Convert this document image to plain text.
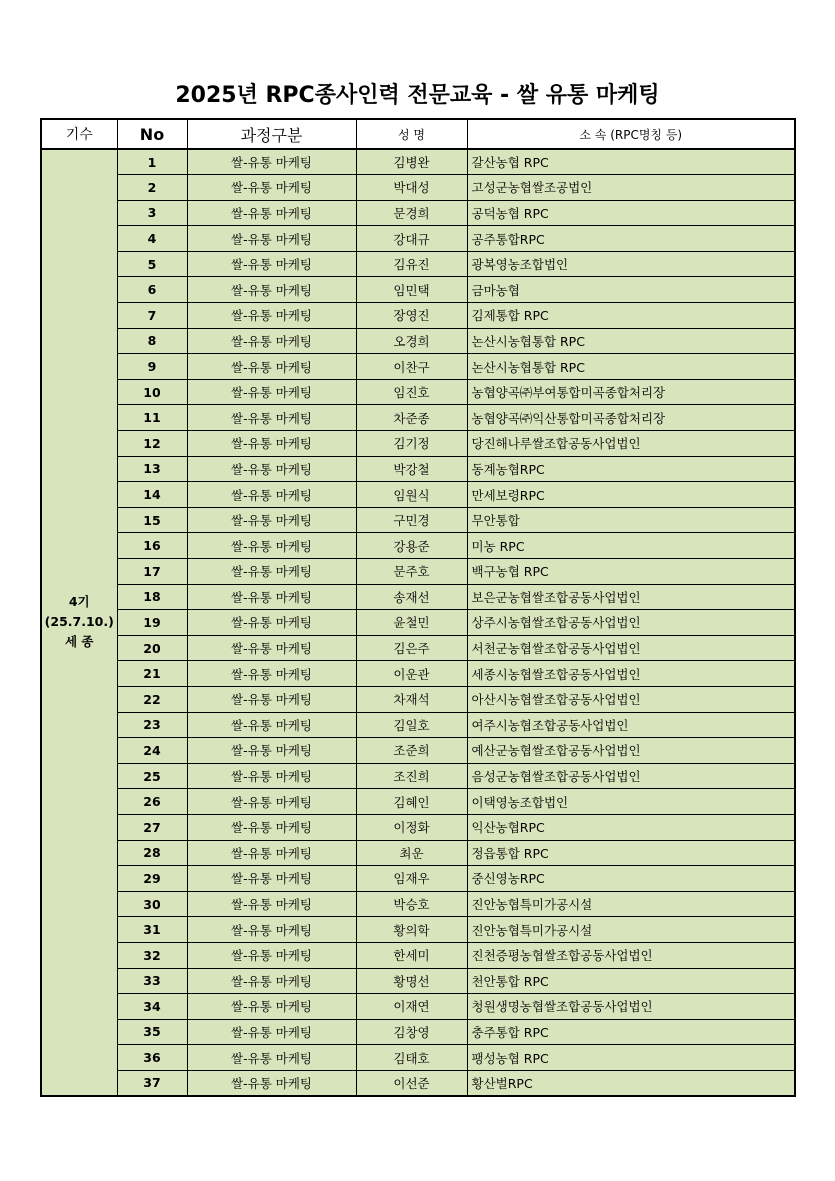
2025년 RPC종사인력 전문교육 - 쌀 유통 마케팅
기수	No	과정구분	성 명	소 속 (RPC명칭 등)

4기
(25.7.10.)
세 종	1	쌀-유통 마케팅	김병완	갈산농협 RPC
	2	쌀-유통 마케팅	박대성	고성군농협쌀조공법인
	3	쌀-유통 마케팅	문경희	공덕농협 RPC
	4	쌀-유통 마케팅	강대규	공주통합RPC
	5	쌀-유통 마케팅	김유진	광복영농조합법인
	6	쌀-유통 마케팅	임민택	금마농협
	7	쌀-유통 마케팅	장영진	김제통합 RPC
	8	쌀-유통 마케팅	오경희	논산시농협통합 RPC
	9	쌀-유통 마케팅	이찬구	논산시농협통합 RPC
	10	쌀-유통 마케팅	임진호	농협양곡㈜부여통합미곡종합처리장
	11	쌀-유통 마케팅	차준종	농협양곡㈜익산통합미곡종합처리장
	12	쌀-유통 마케팅	김기정	당진해나루쌀조합공동사업법인
	13	쌀-유통 마케팅	박강철	동계농협RPC
	14	쌀-유통 마케팅	임원식	만세보령RPC
	15	쌀-유통 마케팅	구민경	무안통합
	16	쌀-유통 마케팅	강용준	미농 RPC
	17	쌀-유통 마케팅	문주호	백구농협 RPC
	18	쌀-유통 마케팅	송재선	보은군농협쌀조합공동사업법인
	19	쌀-유통 마케팅	윤철민	상주시농협쌀조합공동사업법인
	20	쌀-유통 마케팅	김은주	서천군농협쌀조합공동사업법인
	21	쌀-유통 마케팅	이운관	세종시농협쌀조합공동사업법인
	22	쌀-유통 마케팅	차재석	아산시농협쌀조합공동사업법인
	23	쌀-유통 마케팅	김일호	여주시농협조합공동사업법인
	24	쌀-유통 마케팅	조준희	예산군농협쌀조합공동사업법인
	25	쌀-유통 마케팅	조진희	음성군농협쌀조합공동사업법인
	26	쌀-유통 마케팅	김혜인	이택영농조합법인
	27	쌀-유통 마케팅	이정화	익산농협RPC
	28	쌀-유통 마케팅	최운	정읍통합 RPC
	29	쌀-유통 마케팅	임재우	중신영농RPC
	30	쌀-유통 마케팅	박승호	진안농협특미가공시설
	31	쌀-유통 마케팅	황의학	진안농협특미가공시설
	32	쌀-유통 마케팅	한세미	진천증평농협쌀조합공동사업법인
	33	쌀-유통 마케팅	황명선	천안통합 RPC
	34	쌀-유통 마케팅	이재연	청원생명농협쌀조합공동사업법인
	35	쌀-유통 마케팅	김창영	충주통합 RPC
	36	쌀-유통 마케팅	김태호	팽성농협 RPC
	37	쌀-유통 마케팅	이선준	황산벌RPC
